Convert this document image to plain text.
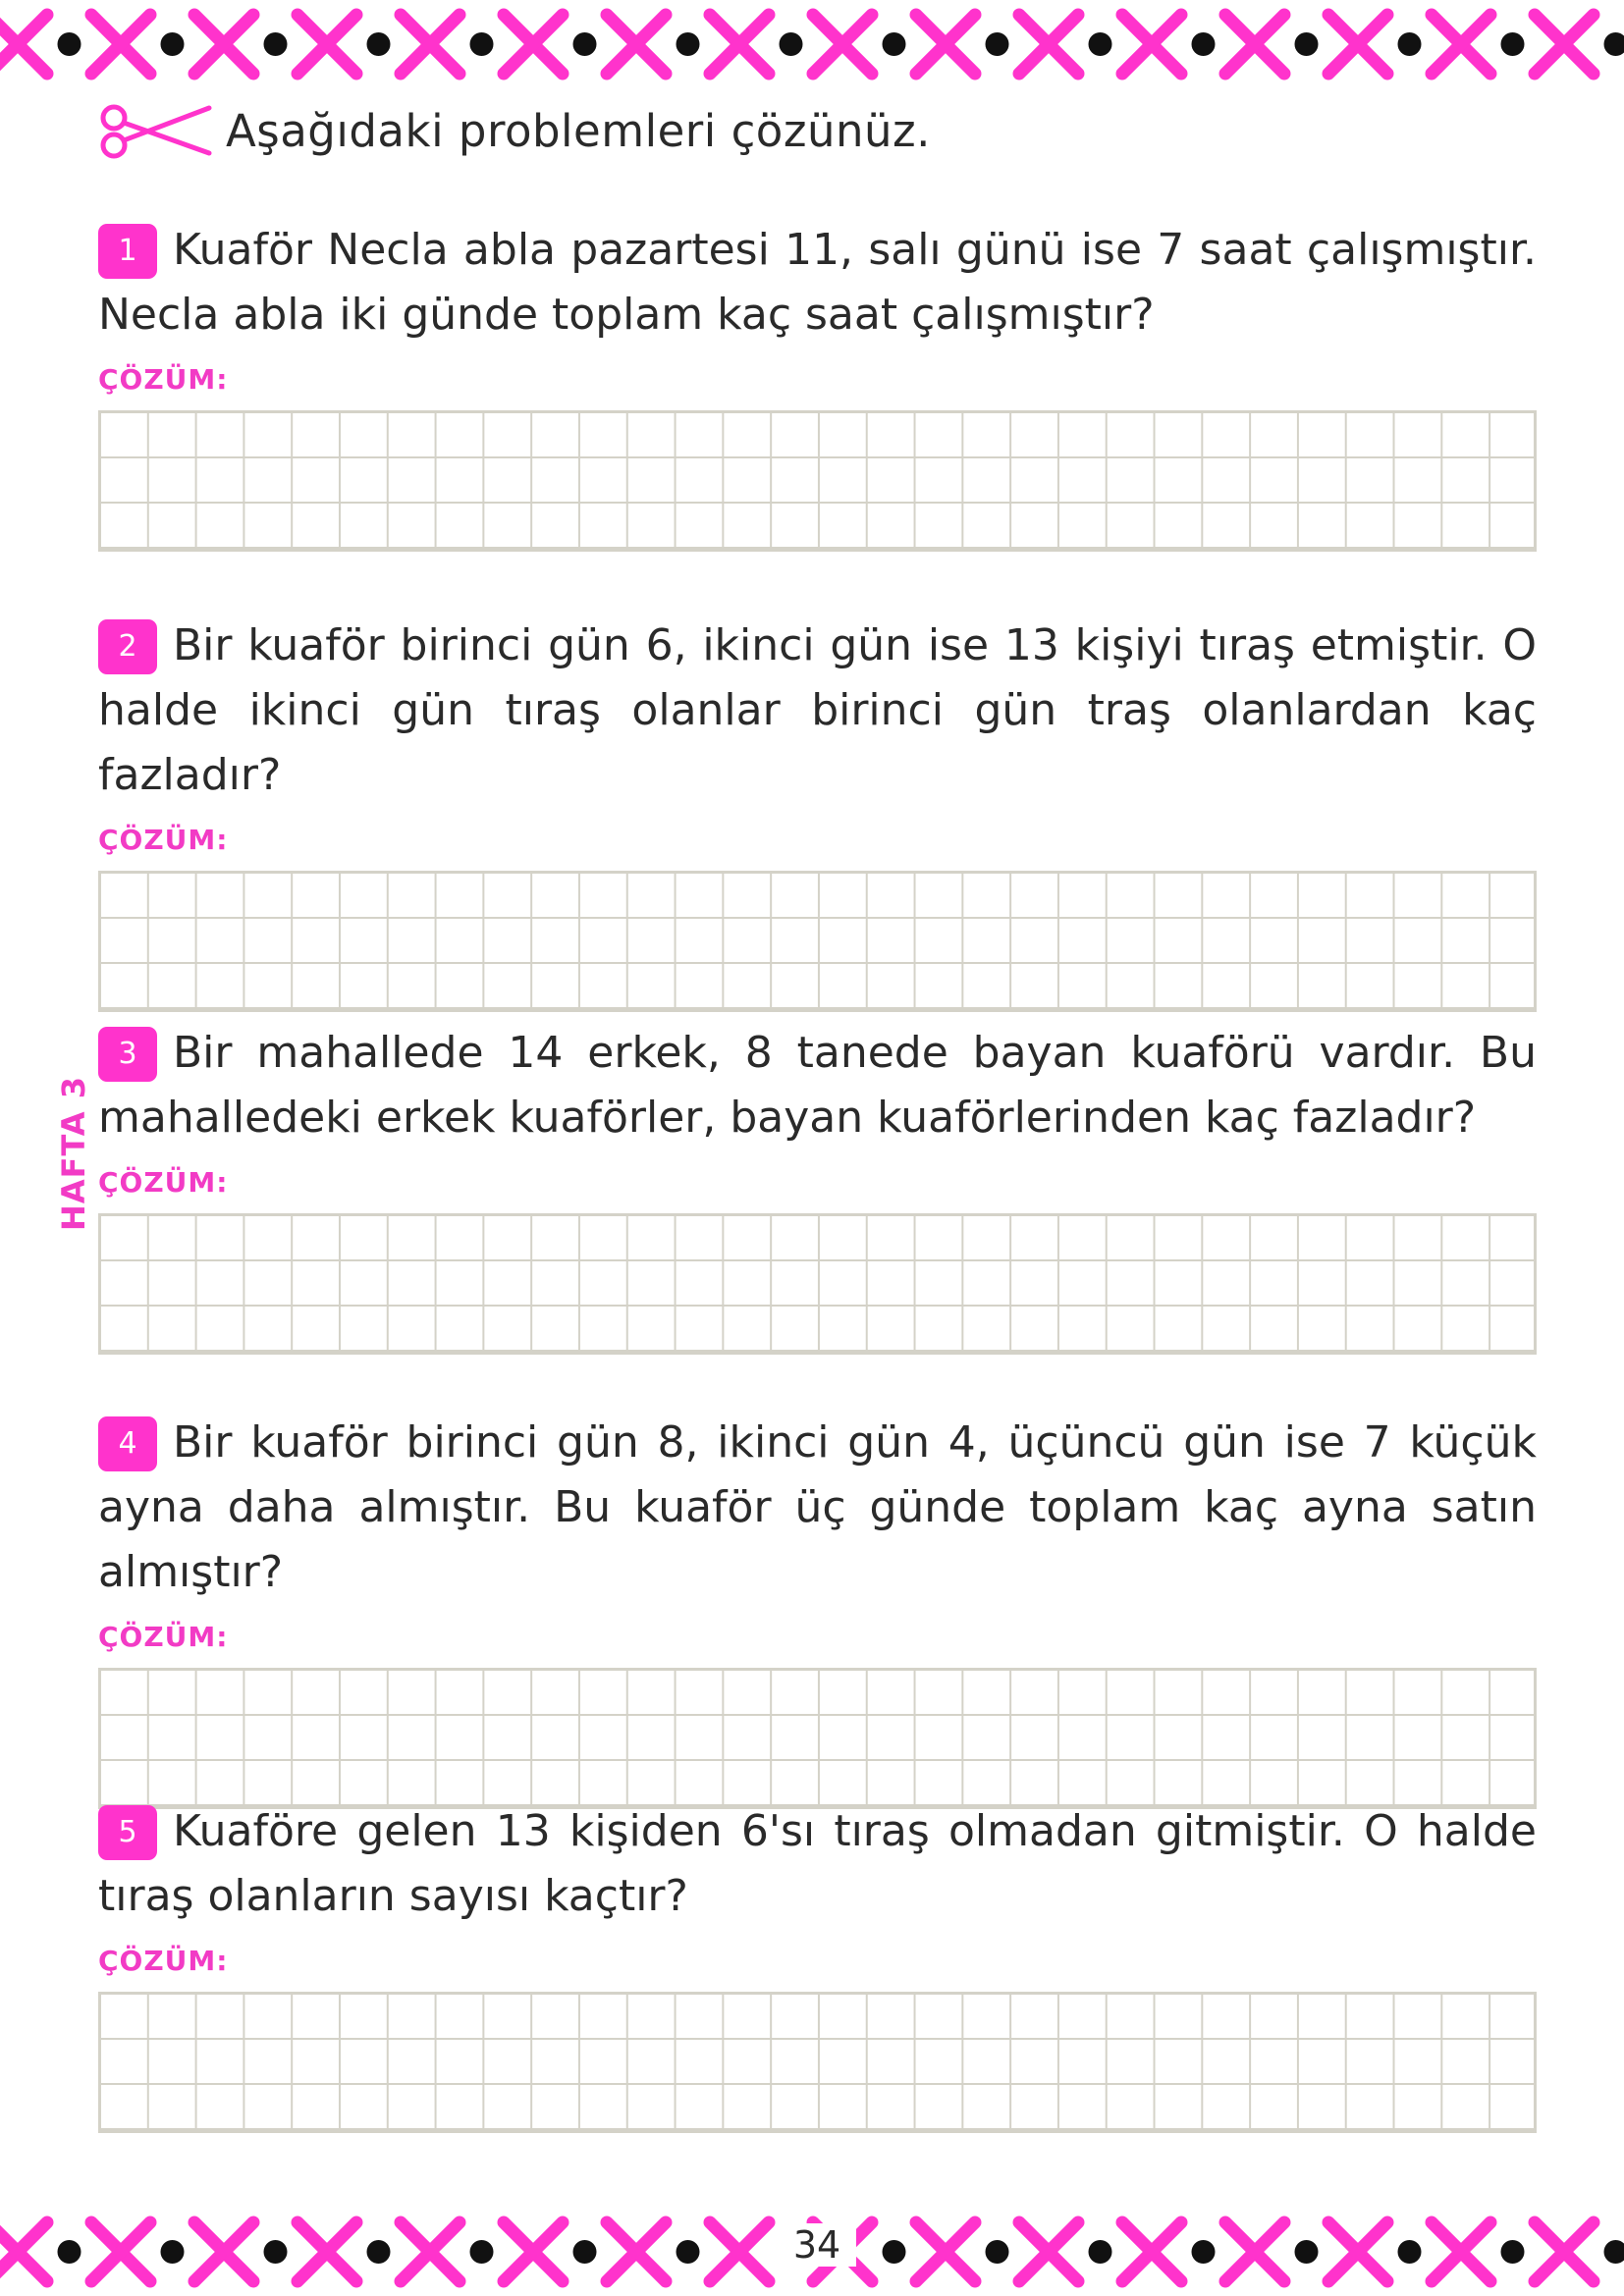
Aşağıdaki problemleri çözünüz.
HAFTA 3

1 Kuaför Necla abla pazartesi 11, salı günü ise 7 saat çalışmıştır. Necla abla iki günde toplam kaç saat çalışmıştır?

ÇÖZÜM:

2 Bir kuaför birinci gün 6, ikinci gün ise 13 kişiyi tıraş etmiştir. O halde ikinci gün tıraş olanlar birinci gün traş olanlardan kaç fazladır?

ÇÖZÜM:

3 Bir mahallede 14 erkek, 8 tanede bayan kuaförü vardır. Bu mahalledeki erkek kuaförler, bayan kuaförlerinden kaç fazladır?

ÇÖZÜM:

4 Bir kuaför birinci gün 8, ikinci gün 4, üçüncü gün ise 7 küçük ayna daha almıştır. Bu kuaför üç günde toplam kaç ayna satın almıştır?

ÇÖZÜM:

5 Kuaföre gelen 13 kişiden 6'sı tıraş olmadan gitmiştir. O halde tıraş olanların sayısı kaçtır?

ÇÖZÜM:
34
